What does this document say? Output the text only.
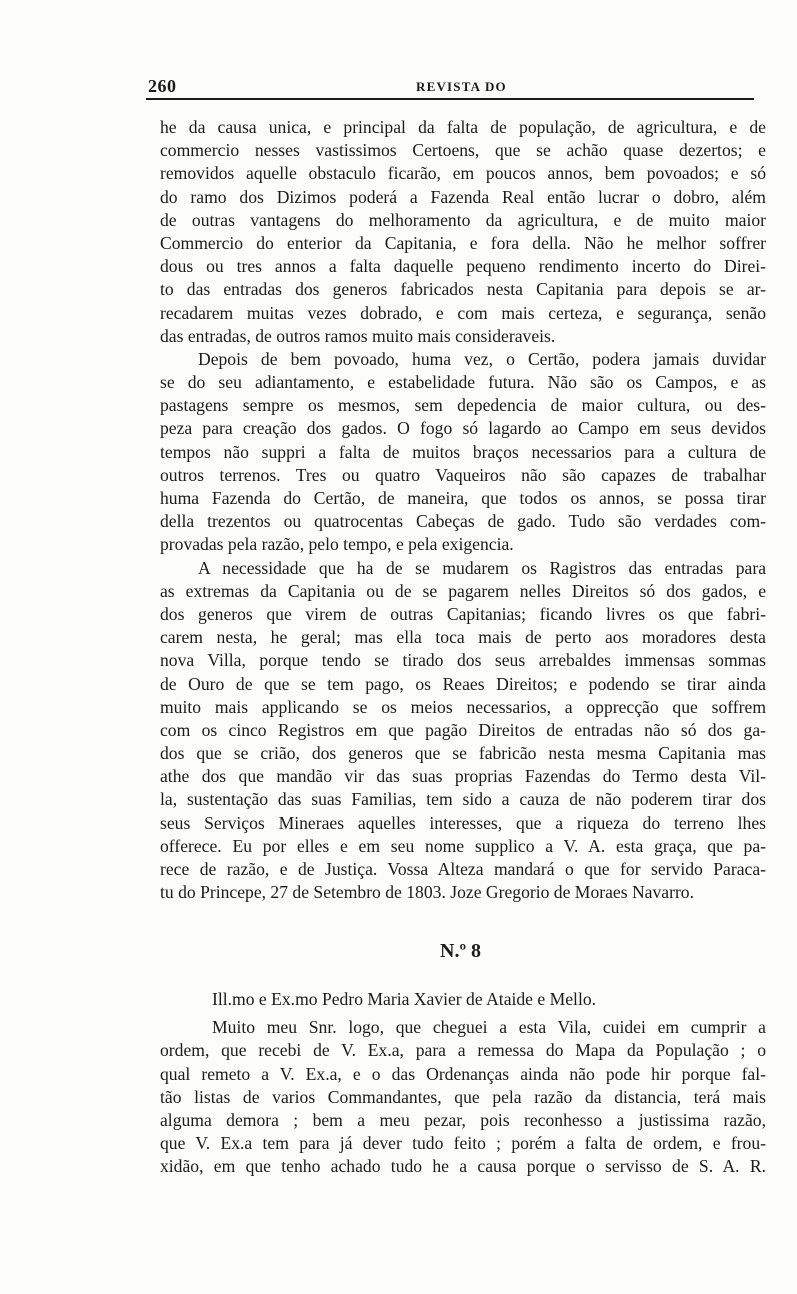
260	REVISTA DO
he da causa unica, e principal da falta de população, de agricultura, e de
commercio nesses vastissimos Certoens, que se achão quase dezertos; e
removidos aquelle obstaculo ficarão, em poucos annos, bem povoados; e só
do ramo dos Dizimos poderá a Fazenda Real então lucrar o dobro, além
de outras vantagens do melhoramento da agricultura, e de muito maior
Commercio do enterior da Capitania, e fora della. Não he melhor soffrer
dous ou tres annos a falta daquelle pequeno rendimento incerto do Direi-
to das entradas dos generos fabricados nesta Capitania para depois se ar-
recadarem muitas vezes dobrado, e com mais certeza, e segurança, senão
das entradas, de outros ramos muito mais consideraveis.
Depois de bem povoado, huma vez, o Certão, podera jamais duvidar
se do seu adiantamento, e estabelidade futura. Não são os Campos, e as
pastagens sempre os mesmos, sem depedencia de maior cultura, ou des-
peza para creação dos gados. O fogo só lagardo ao Campo em seus devidos
tempos não suppri a falta de muitos braços necessarios para a cultura de
outros terrenos. Tres ou quatro Vaqueiros não são capazes de trabalhar
huma Fazenda do Certão, de maneira, que todos os annos, se possa tirar
della trezentos ou quatrocentas Cabeças de gado. Tudo são verdades com-
provadas pela razão, pelo tempo, e pela exigencia.
A necessidade que ha de se mudarem os Ragistros das entradas para
as extremas da Capitania ou de se pagarem nelles Direitos só dos gados, e
dos generos que virem de outras Capitanias; ficando livres os que fabri-
carem nesta, he geral; mas ella toca mais de perto aos moradores desta
nova Villa, porque tendo se tirado dos seus arrebaldes immensas sommas
de Ouro de que se tem pago, os Reaes Direitos; e podendo se tirar ainda
muito mais applicando se os meios necessarios, a opprecção que soffrem
com os cinco Registros em que pagão Direitos de entradas não só dos ga-
dos que se crião, dos generos que se fabricão nesta mesma Capitania mas
athe dos que mandão vir das suas proprias Fazendas do Termo desta Vil-
la, sustentação das suas Familias, tem sido a cauza de não poderem tirar dos
seus Serviços Mineraes aquelles interesses, que a riqueza do terreno lhes
offerece. Eu por elles e em seu nome supplico a V. A. esta graça, que pa-
rece de razão, e de Justiça. Vossa Alteza mandará o que for servido Paraca-
tu do Princepe, 27 de Setembro de 1803. Joze Gregorio de Moraes Navarro.
N.º 8
Ill.mo e Ex.mo Pedro Maria Xavier de Ataide e Mello.
Muito meu Snr. logo, que cheguei a esta Vila, cuidei em cumprir a
ordem, que recebi de V. Ex.a, para a remessa do Mapa da População ; o
qual remeto a V. Ex.a, e o das Ordenanças ainda não pode hir porque fal-
tão listas de varios Commandantes, que pela razão da distancia, terá mais
alguma demora ; bem a meu pezar, pois reconhesso a justissima razão,
que V. Ex.a tem para já dever tudo feito ; porém a falta de ordem, e frou-
xidão, em que tenho achado tudo he a causa porque o servisso de S. A. R.
